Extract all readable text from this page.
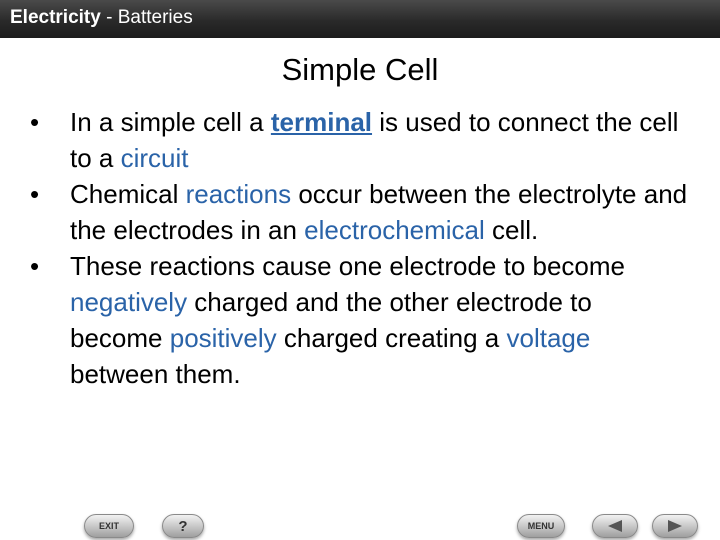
Electricity - Batteries
Simple Cell
•	In a simple cell a terminal is used to connect the cell to a circuit
•	Chemical reactions occur between the electrolyte and the electrodes in an electrochemical cell.
•	These reactions cause one electrode to become negatively charged and the other electrode to become positively charged creating a voltage between them.
EXIT	?	MENU
